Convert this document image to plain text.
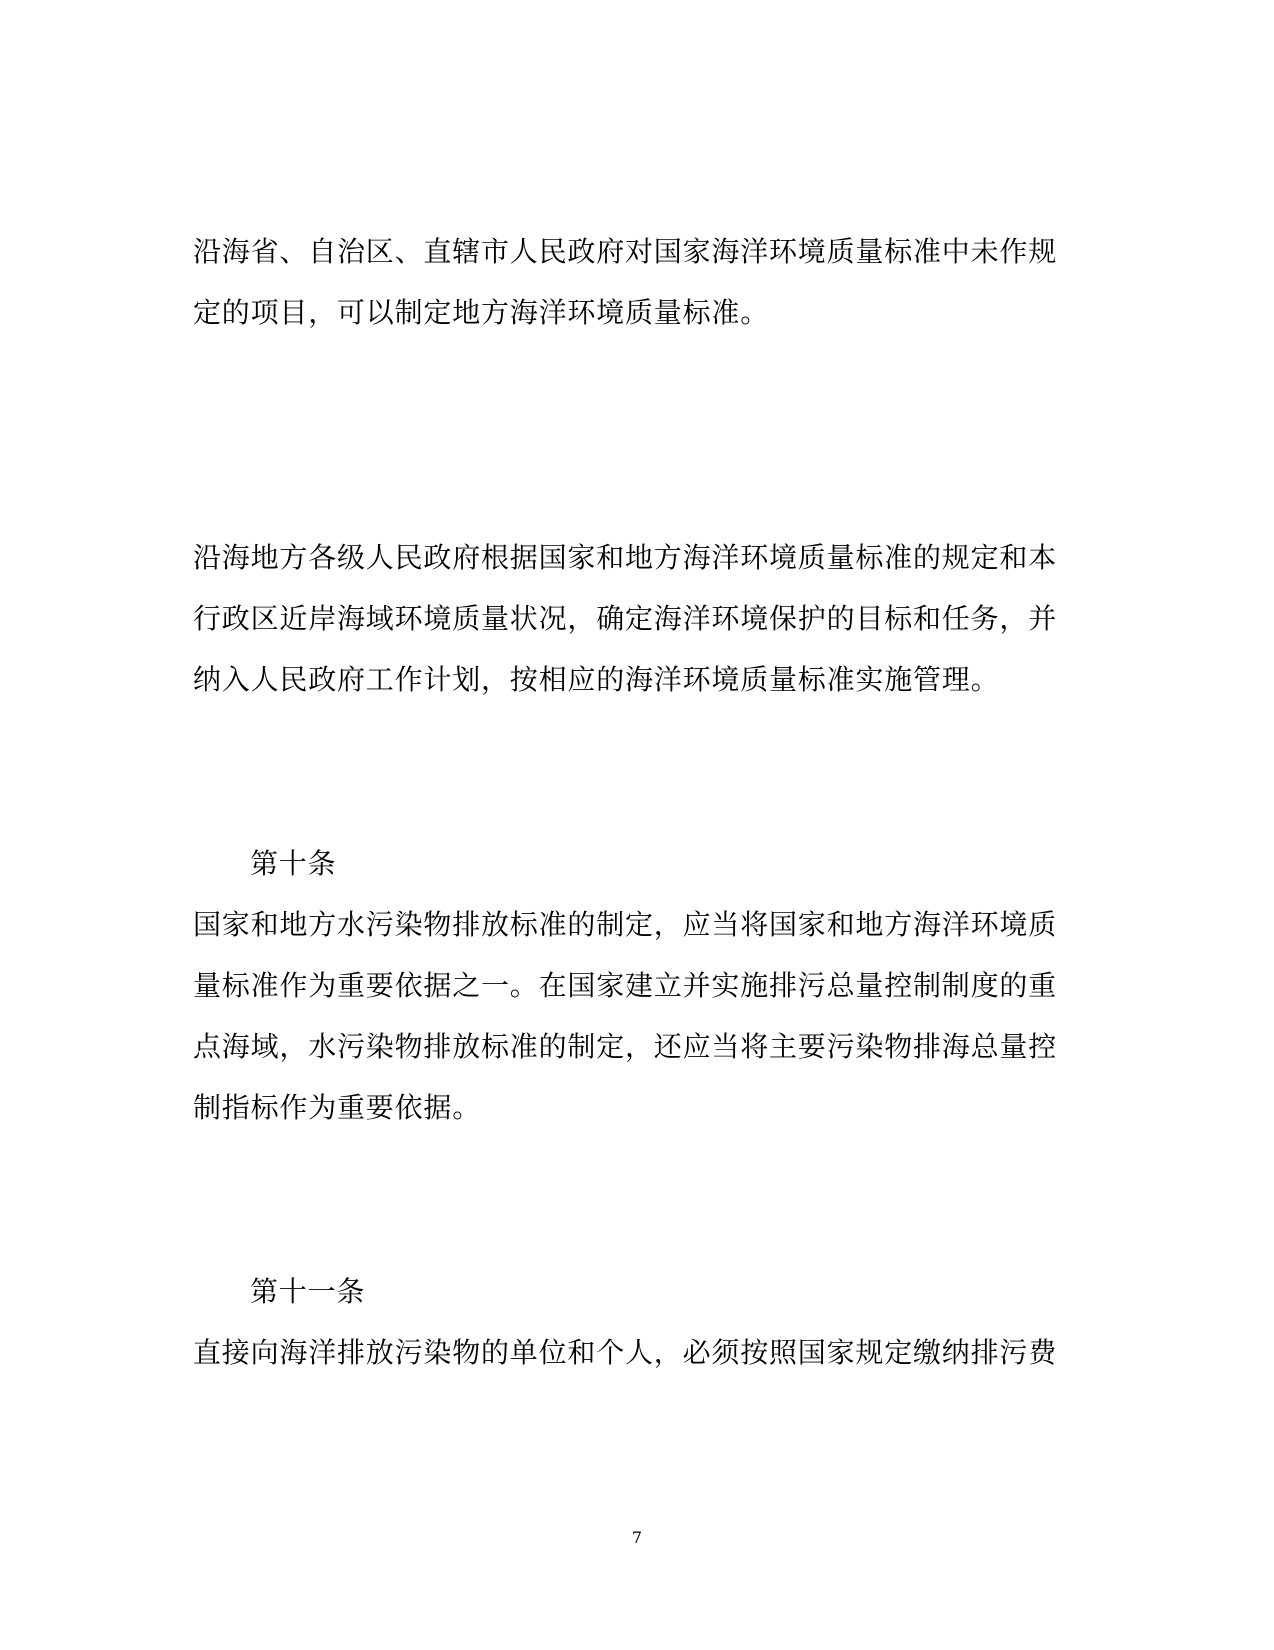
沿海省、自治区、直辖市人民政府对国家海洋环境质量标准中未作规
定的项目，可以制定地方海洋环境质量标准。
沿海地方各级人民政府根据国家和地方海洋环境质量标准的规定和本
行政区近岸海域环境质量状况，确定海洋环境保护的目标和任务，并
纳入人民政府工作计划，按相应的海洋环境质量标准实施管理。
第十条
国家和地方水污染物排放标准的制定，应当将国家和地方海洋环境质
量标准作为重要依据之一。在国家建立并实施排污总量控制制度的重
点海域，水污染物排放标准的制定，还应当将主要污染物排海总量控
制指标作为重要依据。
第十一条
直接向海洋排放污染物的单位和个人，必须按照国家规定缴纳排污费
7
